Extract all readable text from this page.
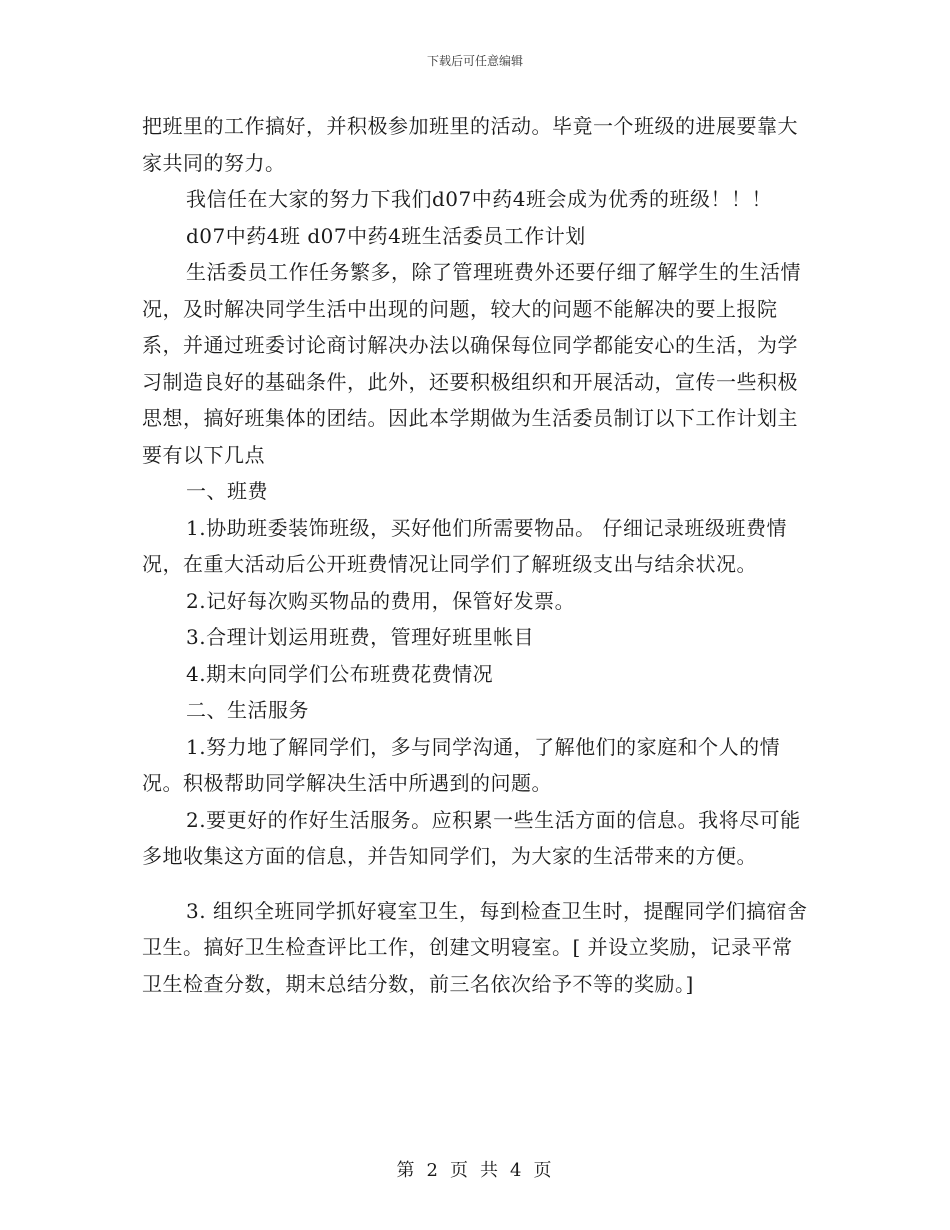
下载后可任意编辑

把班里的工作搞好，并积极参加班里的活动。毕竟一个班级的进展要靠大家共同的努力。

我信任在大家的努力下我们d07中药4班会成为优秀的班级！！！

d07中药4班 d07中药4班生活委员工作计划

生活委员工作任务繁多，除了管理班费外还要仔细了解学生的生活情况，及时解决同学生活中出现的问题，较大的问题不能解决的要上报院系，并通过班委讨论商讨解决办法以确保每位同学都能安心的生活，为学习制造良好的基础条件，此外，还要积极组织和开展活动，宣传一些积极思想，搞好班集体的团结。因此本学期做为生活委员制订以下工作计划主要有以下几点

一、班费

1.协助班委装饰班级，买好他们所需要物品。 仔细记录班级班费情况，在重大活动后公开班费情况让同学们了解班级支出与结余状况。

2.记好每次购买物品的费用，保管好发票。

3.合理计划运用班费，管理好班里帐目

4.期末向同学们公布班费花费情况

二、生活服务

1.努力地了解同学们，多与同学沟通，了解他们的家庭和个人的情况。积极帮助同学解决生活中所遇到的问题。

2.要更好的作好生活服务。应积累一些生活方面的信息。我将尽可能多地收集这方面的信息，并告知同学们，为大家的生活带来的方便。

3. 组织全班同学抓好寝室卫生，每到检查卫生时，提醒同学们搞宿舍卫生。搞好卫生检查评比工作，创建文明寝室。[ 并设立奖励，记录平常卫生检查分数，期末总结分数，前三名依次给予不等的奖励。]

第 2 页 共 4 页
